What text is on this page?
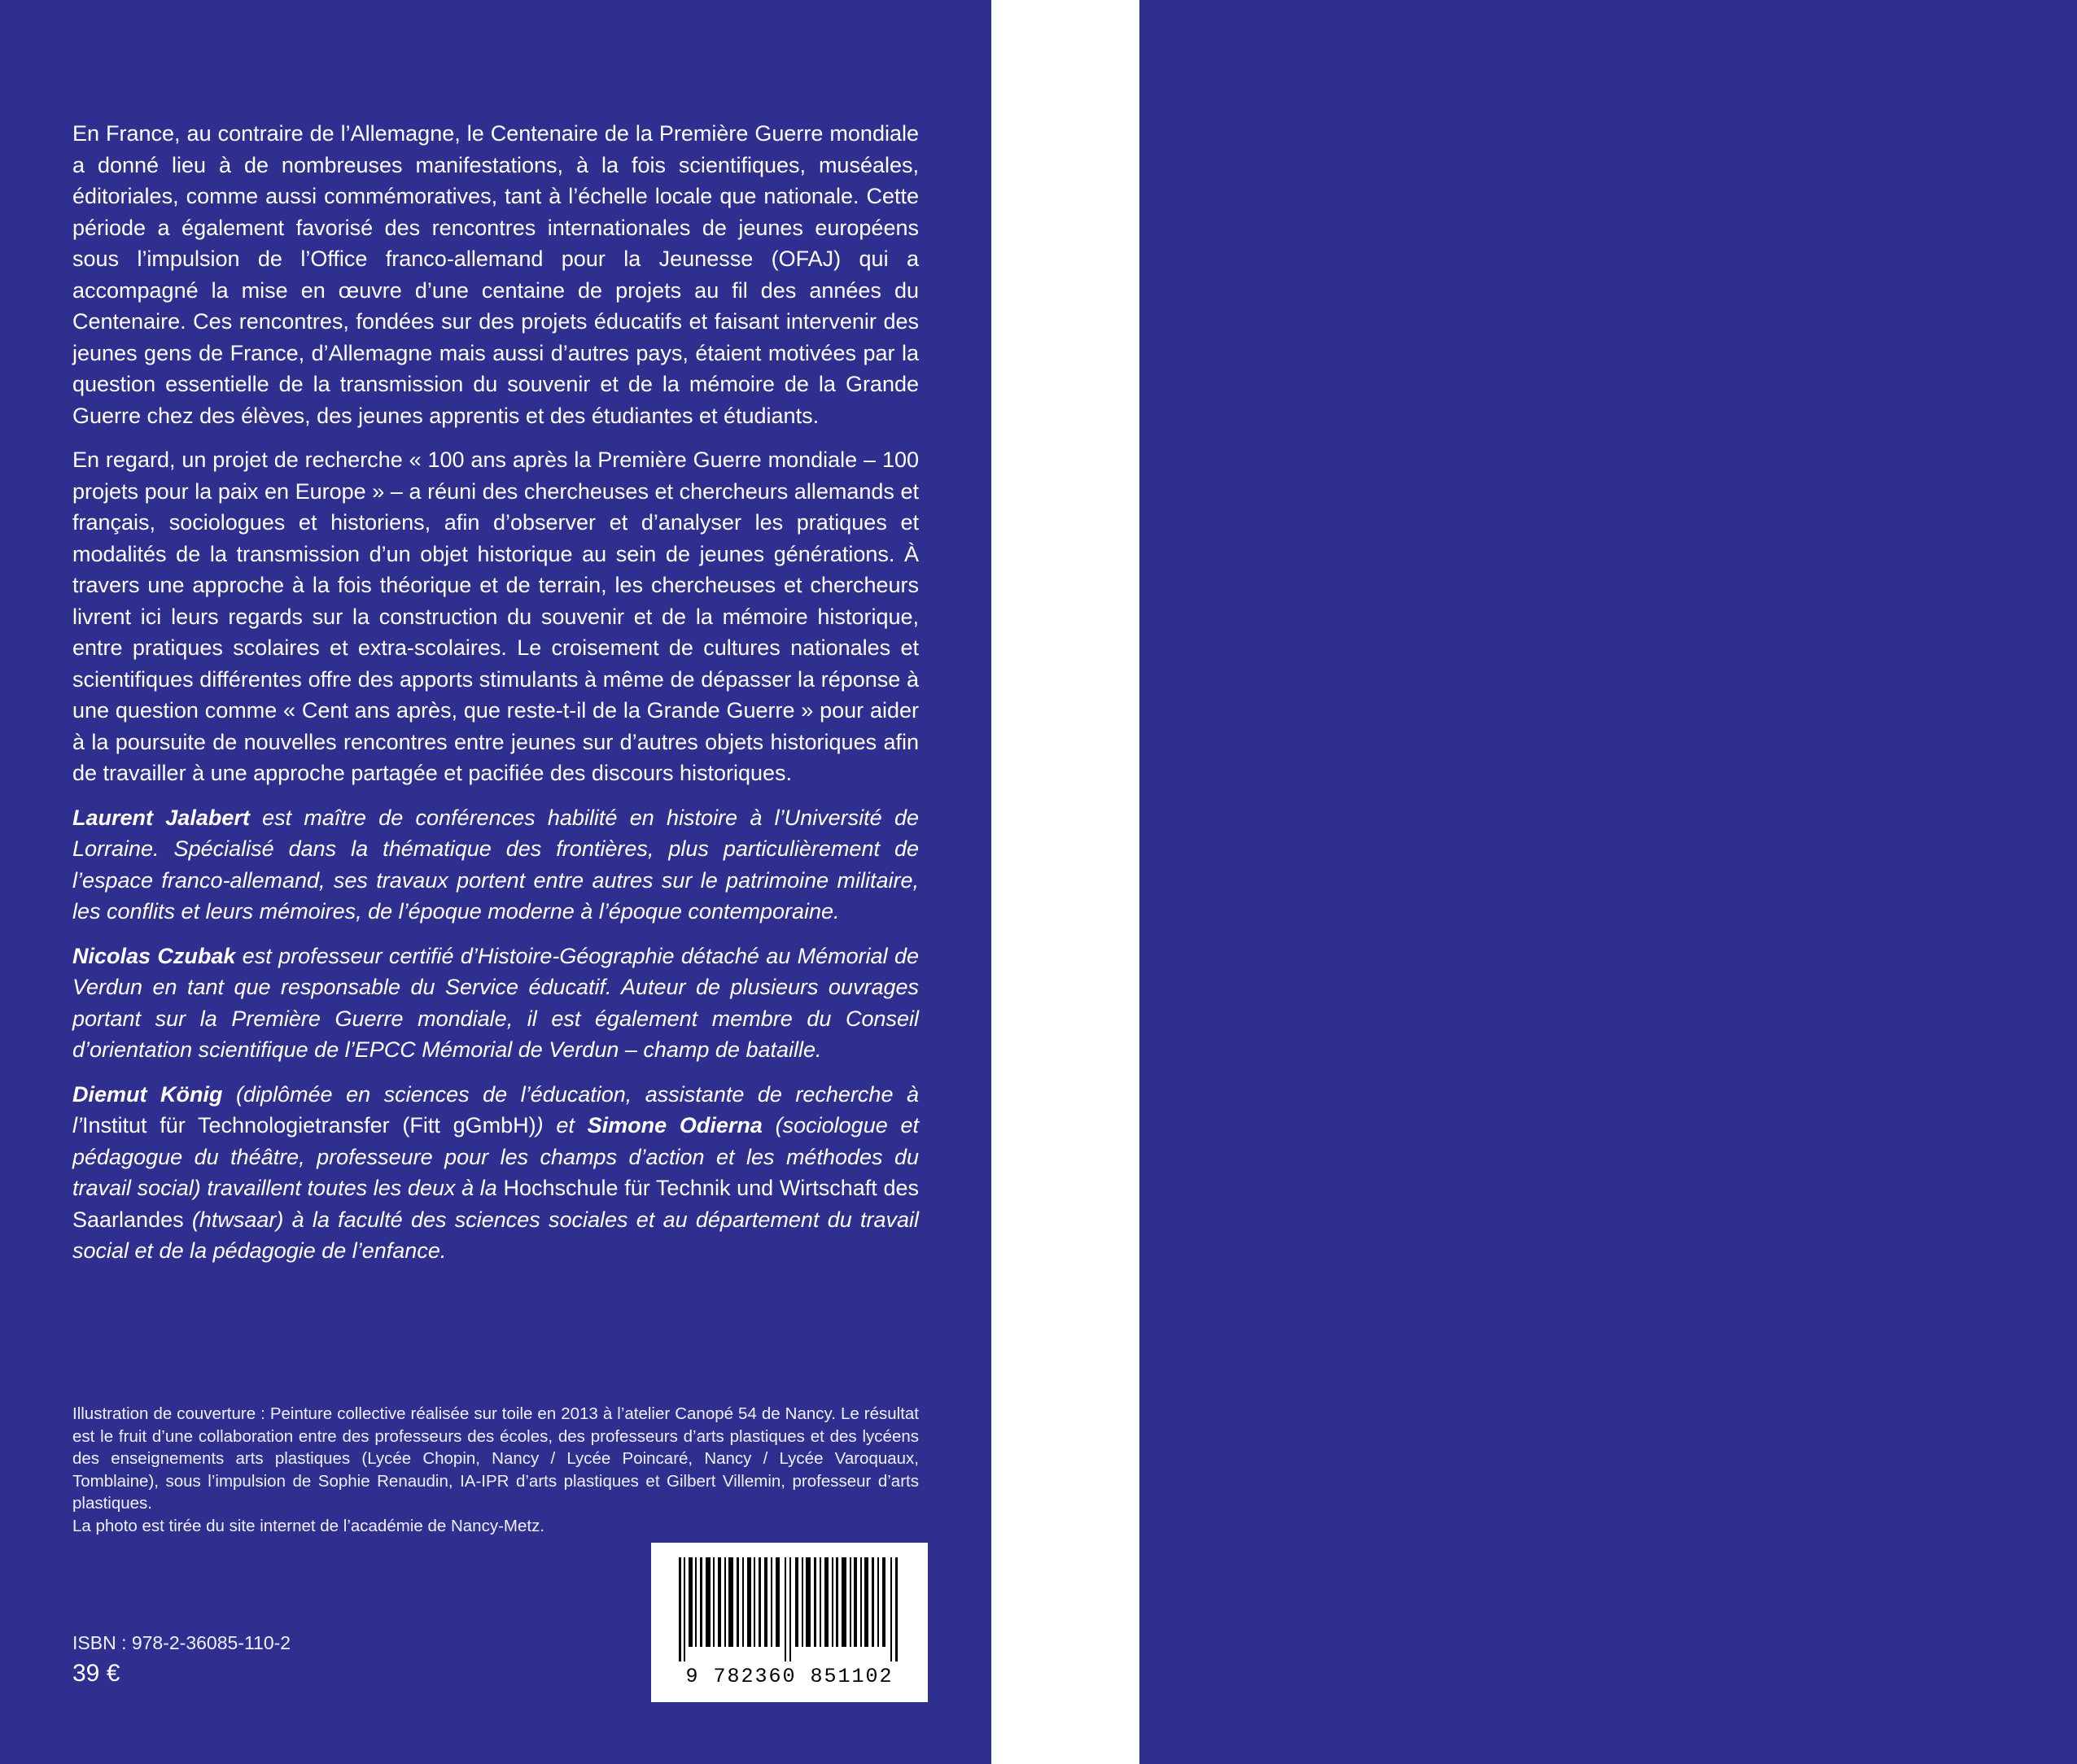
En France, au contraire de l’Allemagne, le Centenaire de la Première Guerre mondiale a donné lieu à de nombreuses manifestations, à la fois scientifiques, muséales, éditoriales, comme aussi commémoratives, tant à l’échelle locale que nationale. Cette période a également favorisé des rencontres internationales de jeunes européens sous l’impulsion de l’Office franco-allemand pour la Jeunesse (OFAJ) qui a accompagné la mise en œuvre d’une centaine de projets au fil des années du Centenaire. Ces rencontres, fondées sur des projets éducatifs et faisant intervenir des jeunes gens de France, d’Allemagne mais aussi d’autres pays, étaient motivées par la question essentielle de la transmission du souvenir et de la mémoire de la Grande Guerre chez des élèves, des jeunes apprentis et des étudiantes et étudiants.

En regard, un projet de recherche « 100 ans après la Première Guerre mondiale – 100 projets pour la paix en Europe » – a réuni des chercheuses et chercheurs allemands et français, sociologues et historiens, afin d’observer et d’analyser les pratiques et modalités de la transmission d’un objet historique au sein de jeunes générations. À travers une approche à la fois théorique et de terrain, les chercheuses et chercheurs livrent ici leurs regards sur la construction du souvenir et de la mémoire historique, entre pratiques scolaires et extra-scolaires. Le croisement de cultures nationales et scientifiques différentes offre des apports stimulants à même de dépasser la réponse à une question comme « Cent ans après, que reste-t-il de la Grande Guerre » pour aider à la poursuite de nouvelles rencontres entre jeunes sur d’autres objets historiques afin de travailler à une approche partagée et pacifiée des discours historiques.

Laurent Jalabert est maître de conférences habilité en histoire à l’Université de Lorraine. Spécialisé dans la thématique des frontières, plus particulièrement de l’espace franco-allemand, ses travaux portent entre autres sur le patrimoine militaire, les conflits et leurs mémoires, de l’époque moderne à l’époque contemporaine.

Nicolas Czubak est professeur certifié d’Histoire-Géographie détaché au Mémorial de Verdun en tant que responsable du Service éducatif. Auteur de plusieurs ouvrages portant sur la Première Guerre mondiale, il est également membre du Conseil d’orientation scientifique de l’EPCC Mémorial de Verdun – champ de bataille.

Diemut König (diplômée en sciences de l’éducation, assistante de recherche à l’Institut für Technologietransfer (Fitt gGmbH)) et Simone Odierna (sociologue et pédagogue du théâtre, professeure pour les champs d’action et les méthodes du travail social) travaillent toutes les deux à la Hochschule für Technik und Wirtschaft des Saarlandes (htwsaar) à la faculté des sciences sociales et au département du travail social et de la pédagogie de l’enfance.

Illustration de couverture : Peinture collective réalisée sur toile en 2013 à l’atelier Canopé 54 de Nancy. Le résultat est le fruit d’une collaboration entre des professeurs des écoles, des professeurs d’arts plastiques et des lycéens des enseignements arts plastiques (Lycée Chopin, Nancy / Lycée Poincaré, Nancy / Lycée Varoquaux, Tomblaine), sous l’impulsion de Sophie Renaudin, IA-IPR d’arts plastiques et Gilbert Villemin, professeur d’arts plastiques.

La photo est tirée du site internet de l’académie de Nancy-Metz.

ISBN : 978-2-36085-110-2
39 €	9 782360 851102
Dialogues / Dialoge
